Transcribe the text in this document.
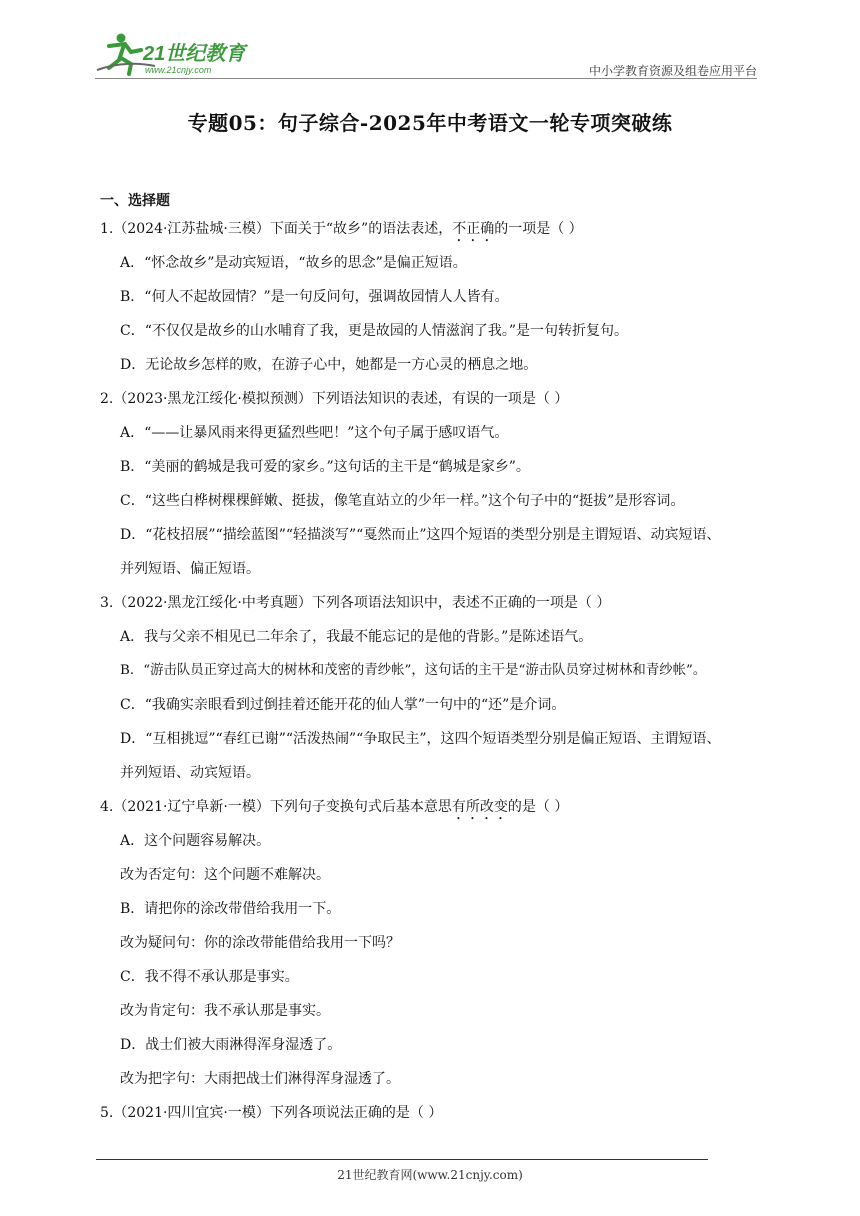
21世纪教育
www.21cnjy.com	中小学教育资源及组卷应用平台
专题05：句子综合-2025年中考语文一轮专项突破练
一、选择题
1.（2024·江苏盐城·三模）下面关于“故乡”的语法表述，不正确的一项是（ ）
A．“怀念故乡”是动宾短语，“故乡的思念”是偏正短语。
B．“何人不起故园情？”是一句反问句，强调故园情人人皆有。
C．“不仅仅是故乡的山水哺育了我，更是故园的人情滋润了我。”是一句转折复句。
D．无论故乡怎样的败，在游子心中，她都是一方心灵的栖息之地。
2.（2023·黑龙江绥化·模拟预测）下列语法知识的表述，有误的一项是（ ）
A．“——让暴风雨来得更猛烈些吧！”这个句子属于感叹语气。
B．“美丽的鹤城是我可爱的家乡。”这句话的主干是“鹤城是家乡”。
C．“这些白桦树棵棵鲜嫩、挺拔，像笔直站立的少年一样。”这个句子中的“挺拔”是形容词。
D．“花枝招展”“描绘蓝图”“轻描淡写”“戛然而止”这四个短语的类型分别是主谓短语、动宾短语、
并列短语、偏正短语。
3.（2022·黑龙江绥化·中考真题）下列各项语法知识中，表述不正确的一项是（ ）
A．我与父亲不相见已二年余了，我最不能忘记的是他的背影。”是陈述语气。
B．“游击队员正穿过高大的树林和茂密的青纱帐”，这句话的主干是“游击队员穿过树林和青纱帐”。
C．“我确实亲眼看到过倒挂着还能开花的仙人掌”一句中的“还”是介词。
D．“互相挑逗”“春红已谢”“活泼热闹”“争取民主”，这四个短语类型分别是偏正短语、主谓短语、
并列短语、动宾短语。
4.（2021·辽宁阜新·一模）下列句子变换句式后基本意思有所改变的是（ ）
A．这个问题容易解决。
改为否定句：这个问题不难解决。
B．请把你的涂改带借给我用一下。
改为疑问句：你的涂改带能借给我用一下吗？
C．我不得不承认那是事实。
改为肯定句：我不承认那是事实。
D．战士们被大雨淋得浑身湿透了。
改为把字句：大雨把战士们淋得浑身湿透了。
5.（2021·四川宜宾·一模）下列各项说法正确的是（ ）
21世纪教育网(www.21cnjy.com)
